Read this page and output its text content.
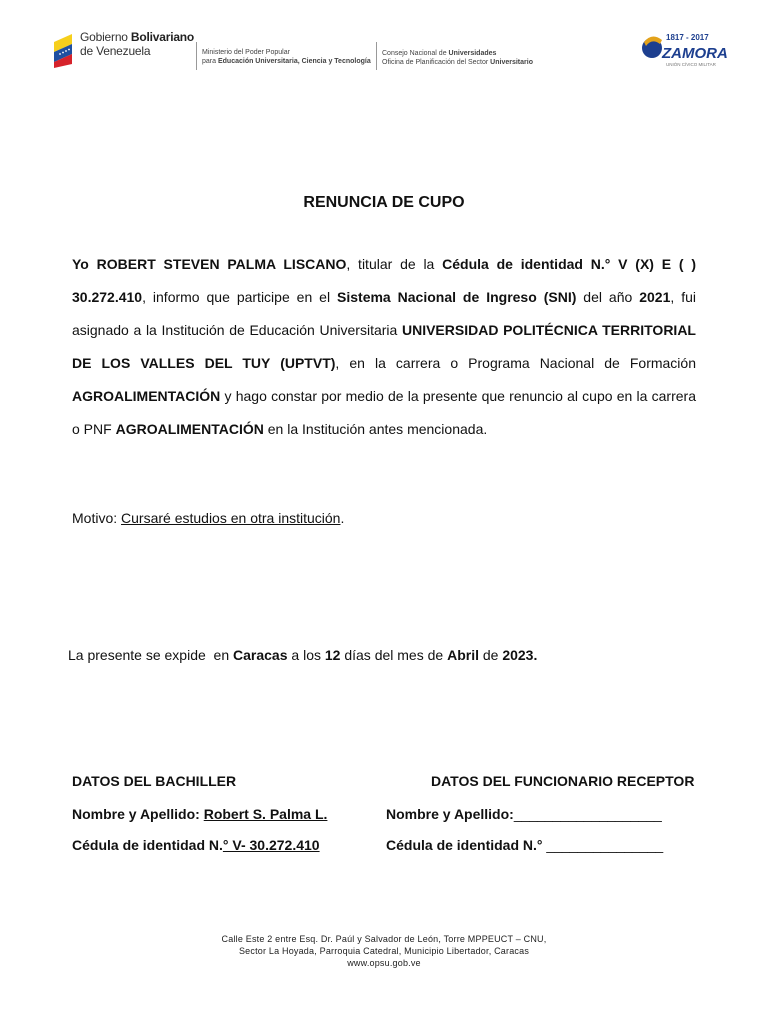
Gobierno Bolivariano
de Venezuela	Ministerio del Poder Popular
para Educación Universitaria, Ciencia y Tecnología
Consejo Nacional de Universidades
Oficina de Planificación del Sector Universitario
1817 - 2017
ZAMORA
UNIÓN CÍVICO MILITAR
RENUNCIA DE CUPO
Yo ROBERT STEVEN PALMA LISCANO, titular de la Cédula de identidad N.° V (X) E ( ) 30.272.410, informo que participe en el Sistema Nacional de Ingreso (SNI) del año 2021, fui asignado a la Institución de Educación Universitaria UNIVERSIDAD POLITÉCNICA TERRITORIAL DE LOS VALLES DEL TUY (UPTVT), en la carrera o Programa Nacional de Formación AGROALIMENTACIÓN y hago constar por medio de la presente que renuncio al cupo en la carrera o PNF AGROALIMENTACIÓN en la Institución antes mencionada.
Motivo: Cursaré estudios en otra institución.
La presente se expide  en Caracas a los 12 días del mes de Abril de 2023.
DATOS DEL BACHILLER	DATOS DEL FUNCIONARIO RECEPTOR
Nombre y Apellido: Robert S. Palma L.	Nombre y Apellido:___________________
Cédula de identidad N.° V- 30.272.410	Cédula de identidad N.° _______________
Calle Este 2 entre Esq. Dr. Paúl y Salvador de León, Torre MPPEUCT – CNU,
Sector La Hoyada, Parroquia Catedral, Municipio Libertador, Caracas
www.opsu.gob.ve
